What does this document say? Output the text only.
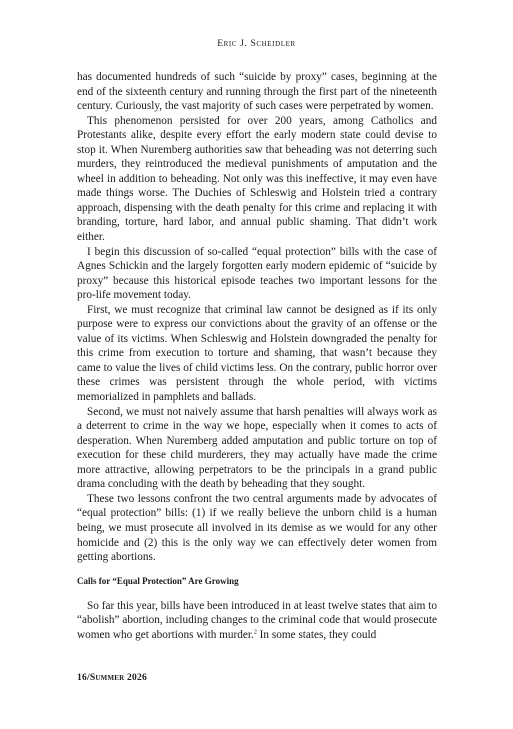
Eric J. Scheidler

has documented hundreds of such “suicide by proxy” cases, beginning at the end of the sixteenth century and running through the first part of the nineteenth century. Curiously, the vast majority of such cases were perpetrated by women.

This phenomenon persisted for over 200 years, among Catholics and Protestants alike, despite every effort the early modern state could devise to stop it. When Nuremberg authorities saw that beheading was not deterring such murders, they reintroduced the medieval punishments of amputation and the wheel in addition to beheading. Not only was this ineffective, it may even have made things worse. The Duchies of Schleswig and Holstein tried a contrary approach, dispensing with the death penalty for this crime and replacing it with branding, torture, hard labor, and annual public shaming. That didn’t work either.

I begin this discussion of so-called “equal protection” bills with the case of Agnes Schickin and the largely forgotten early modern epidemic of “suicide by proxy” because this historical episode teaches two important lessons for the pro-life movement today.

First, we must recognize that criminal law cannot be designed as if its only purpose were to express our convictions about the gravity of an offense or the value of its victims. When Schleswig and Holstein downgraded the penalty for this crime from execution to torture and shaming, that wasn’t because they came to value the lives of child victims less. On the contrary, public horror over these crimes was persistent through the whole period, with victims memorialized in pamphlets and ballads.

Second, we must not naively assume that harsh penalties will always work as a deterrent to crime in the way we hope, especially when it comes to acts of desperation. When Nuremberg added amputation and public torture on top of execution for these child murderers, they may actually have made the crime more attractive, allowing perpetrators to be the principals in a grand public drama concluding with the death by beheading that they sought.

These two lessons confront the two central arguments made by advocates of “equal protection” bills: (1) if we really believe the unborn child is a human being, we must prosecute all involved in its demise as we would for any other homicide and (2) this is the only way we can effectively deter women from getting abortions.

Calls for “Equal Protection” Are Growing

So far this year, bills have been introduced in at least twelve states that aim to “abolish” abortion, including changes to the criminal code that would prosecute women who get abortions with murder.$^2$ In some states, they could

16/Summer 2026
